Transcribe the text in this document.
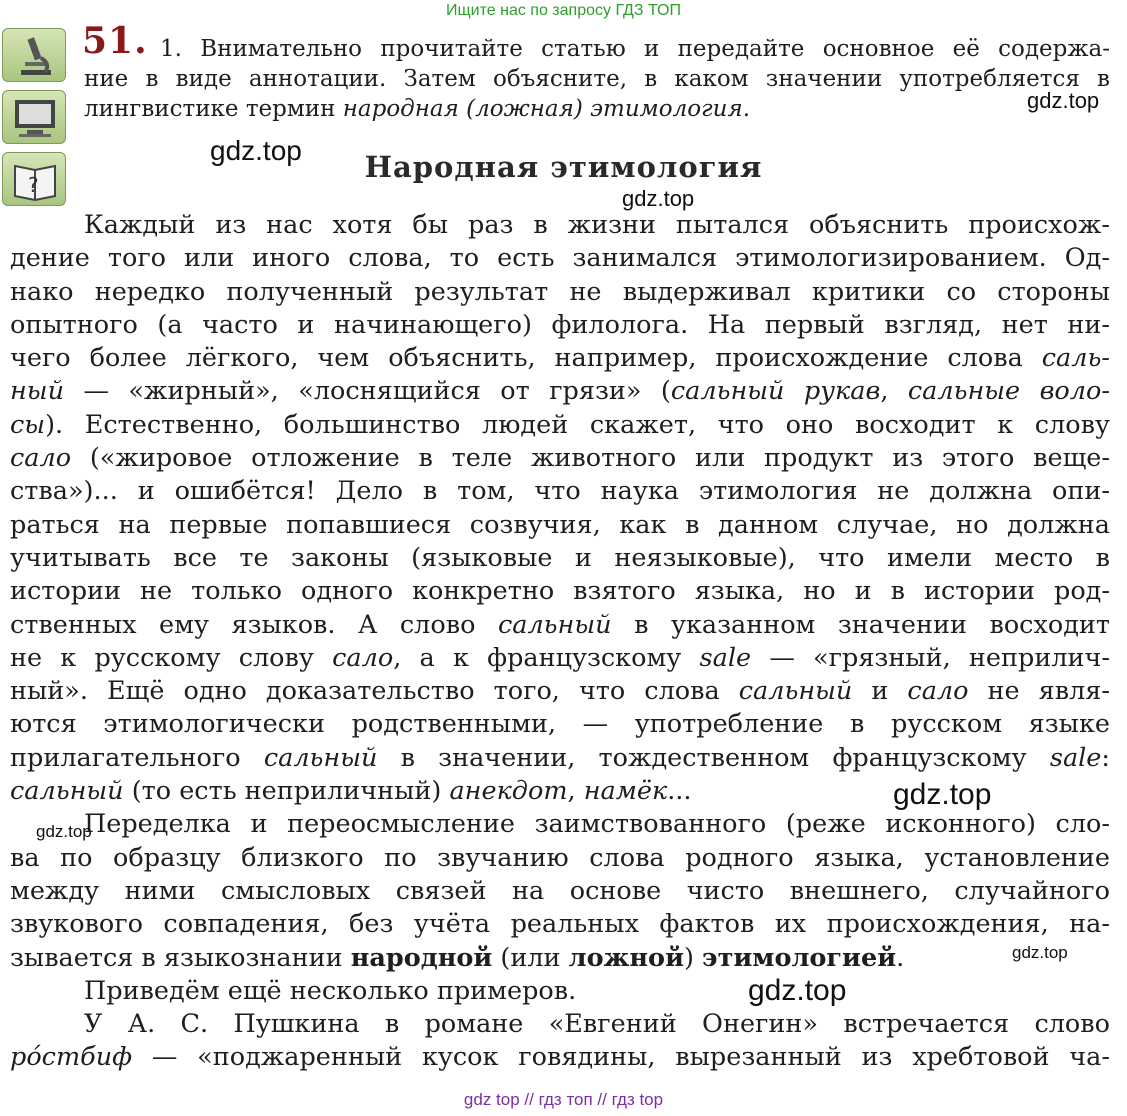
Ищите нас по запросу ГДЗ ТОП
?
51. 1. Внимательно прочитайте статью и передайте основное её содержа-
ние в виде аннотации. Затем объясните, в каком значении употребляется в
лингвистике термин народная (ложная) этимология.
Народная этимология
Каждый из нас хотя бы раз в жизни пытался объяснить происхож-
дение того или иного слова, то есть занимался этимологизированием. Од-
нако нередко полученный результат не выдерживал критики со стороны
опытного (а часто и начинающего) филолога. На первый взгляд, нет ни-
чего более лёгкого, чем объяснить, например, происхождение слова саль-
ный — «жирный», «лоснящийся от грязи» (сальный рукав, сальные воло-
сы). Естественно, большинство людей скажет, что оно восходит к слову
сало («жировое отложение в теле животного или продукт из этого веще-
ства»)... и ошибётся! Дело в том, что наука этимология не должна опи-
раться на первые попавшиеся созвучия, как в данном случае, но должна
учитывать все те законы (языковые и неязыковые), что имели место в
истории не только одного конкретно взятого языка, но и в истории род-
ственных ему языков. А слово сальный в указанном значении восходит
не к русскому слову сало, а к французскому sale — «грязный, неприлич-
ный». Ещё одно доказательство того, что слова сальный и сало не явля-
ются этимологически родственными, — употребление в русском языке
прилагательного сальный в значении, тождественном французскому sale:
сальный (то есть неприличный) анекдот, намёк...
Переделка и переосмысление заимствованного (реже исконного) сло-
ва по образцу близкого по звучанию слова родного языка, установление
между ними смысловых связей на основе чисто внешнего, случайного
звукового совпадения, без учёта реальных фактов их происхождения, на-
зывается в языкознании народной (или ложной) этимологией.
Приведём ещё несколько примеров.
У А. С. Пушкина в романе «Евгений Онегин» встречается слово
ро́стбиф — «поджаренный кусок говядины, вырезанный из хребтовой ча-
gdz.top
gdz.top
gdz.top
gdz.top
gdz.top
gdz.top
gdz.top
gdz top // гдз топ // гдз top
